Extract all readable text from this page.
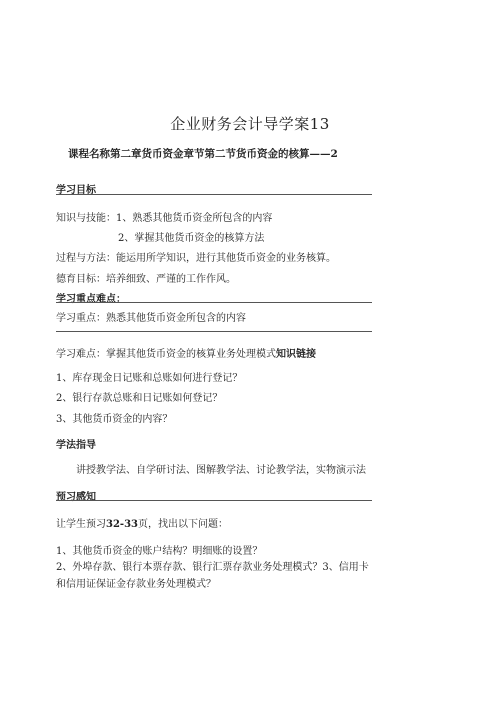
企业财务会计导学案13
课程名称第二章货币资金章节第二节货币资金的核算——2
学习目标
知识与技能：1、熟悉其他货币资金所包含的内容
2、掌握其他货币资金的核算方法
过程与方法：能运用所学知识，进行其他货币资金的业务核算。
德育目标：培养细致、严谨的工作作风。
学习重点难点：
学习重点：熟悉其他货币资金所包含的内容
学习难点：掌握其他货币资金的核算业务处理模式知识链接
1、库存现金日记账和总账如何进行登记？
2、银行存款总账和日记账如何登记？
3、其他货币资金的内容？
学法指导
讲授教学法、自学研讨法、图解教学法、讨论教学法，实物演示法
预习感知
让学生预习32-33页，找出以下问题：
1、其他货币资金的账户结构？明细账的设置？
2、外埠存款、银行本票存款、银行汇票存款业务处理模式？3、信用卡和信用证保证金存款业务处理模式？
